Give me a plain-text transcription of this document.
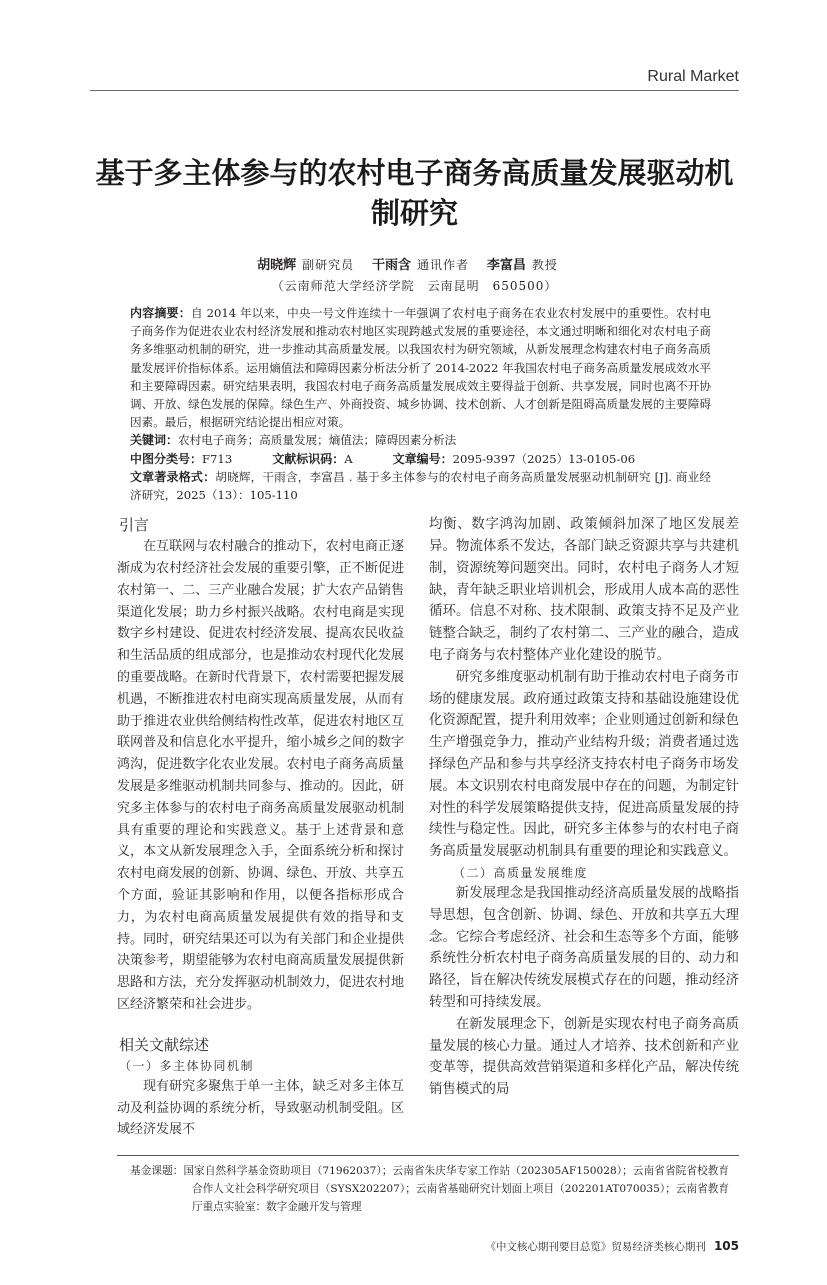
Rural Market
基于多主体参与的农村电子商务高质量发展驱动机制研究
胡晓辉 副研究员 干雨含 通讯作者 李富昌 教授
（云南师范大学经济学院　云南昆明　650500）

内容摘要：自 2014 年以来，中央一号文件连续十一年强调了农村电子商务在农业农村发展中的重要性。农村电子商务作为促进农业农村经济发展和推动农村地区实现跨越式发展的重要途径，本文通过明晰和细化对农村电子商务多维驱动机制的研究，进一步推动其高质量发展。以我国农村为研究领域，从新发展理念构建农村电子商务高质量发展评价指标体系。运用熵值法和障碍因素分析法分析了 2014-2022 年我国农村电子商务高质量发展成效水平和主要障碍因素。研究结果表明，我国农村电子商务高质量发展成效主要得益于创新、共享发展，同时也离不开协调、开放、绿色发展的保障。绿色生产、外商投资、城乡协调、技术创新、人才创新是阻碍高质量发展的主要障碍因素。最后，根据研究结论提出相应对策。

关键词：农村电子商务；高质量发展；熵值法；障碍因素分析法

中图分类号：F713	文献标识码：A	文章编号：2095-9397（2025）13-0105-06

文章著录格式：胡晓辉，干雨含，李富昌 . 基于多主体参与的农村电子商务高质量发展驱动机制研究 [J]. 商业经济研究，2025（13）：105-110

引言

在互联网与农村融合的推动下，农村电商正逐渐成为农村经济社会发展的重要引擎，正不断促进农村第一、二、三产业融合发展；扩大农产品销售渠道化发展；助力乡村振兴战略。农村电商是实现数字乡村建设、促进农村经济发展、提高农民收益和生活品质的组成部分，也是推动农村现代化发展的重要战略。在新时代背景下，农村需要把握发展机遇，不断推进农村电商实现高质量发展，从而有助于推进农业供给侧结构性改革，促进农村地区互联网普及和信息化水平提升，缩小城乡之间的数字鸿沟，促进数字化农业发展。农村电子商务高质量发展是多维驱动机制共同参与、推动的。因此，研究多主体参与的农村电子商务高质量发展驱动机制具有重要的理论和实践意义。基于上述背景和意义，本文从新发展理念入手，全面系统分析和探讨农村电商发展的创新、协调、绿色、开放、共享五个方面，验证其影响和作用，以便各指标形成合力，为农村电商高质量发展提供有效的指导和支持。同时，研究结果还可以为有关部门和企业提供决策参考，期望能够为农村电商高质量发展提供新思路和方法，充分发挥驱动机制效力，促进农村地区经济繁荣和社会进步。

相关文献综述

（一）多主体协同机制

现有研究多聚焦于单一主体，缺乏对多主体互动及利益协调的系统分析，导致驱动机制受阻。区域经济发展不

均衡、数字鸿沟加剧、政策倾斜加深了地区发展差异。物流体系不发达，各部门缺乏资源共享与共建机制，资源统筹问题突出。同时，农村电子商务人才短缺，青年缺乏职业培训机会，形成用人成本高的恶性循环。信息不对称、技术限制、政策支持不足及产业链整合缺乏，制约了农村第二、三产业的融合，造成电子商务与农村整体产业化建设的脱节。

研究多维度驱动机制有助于推动农村电子商务市场的健康发展。政府通过政策支持和基础设施建设优化资源配置，提升利用效率；企业则通过创新和绿色生产增强竞争力，推动产业结构升级；消费者通过选择绿色产品和参与共享经济支持农村电子商务市场发展。本文识别农村电商发展中存在的问题，为制定针对性的科学发展策略提供支持，促进高质量发展的持续性与稳定性。因此，研究多主体参与的农村电子商务高质量发展驱动机制具有重要的理论和实践意义。

（二）高质量发展维度

新发展理念是我国推动经济高质量发展的战略指导思想，包含创新、协调、绿色、开放和共享五大理念。它综合考虑经济、社会和生态等多个方面，能够系统性分析农村电子商务高质量发展的目的、动力和路径，旨在解决传统发展模式存在的问题，推动经济转型和可持续发展。

在新发展理念下，创新是实现农村电子商务高质量发展的核心力量。通过人才培养、技术创新和产业变革等，提供高效营销渠道和多样化产品，解决传统销售模式的局

基金课题：国家自然科学基金资助项目（71962037）；云南省朱庆华专家工作站（202305AF150028）；云南省省院省校教育合作人文社会科学研究项目（SYSX202207）；云南省基础研究计划面上项目（202201AT070035）；云南省教育厅重点实验室：数字金融开发与管理
《中文核心期刊要目总览》贸易经济类核心期刊 105
